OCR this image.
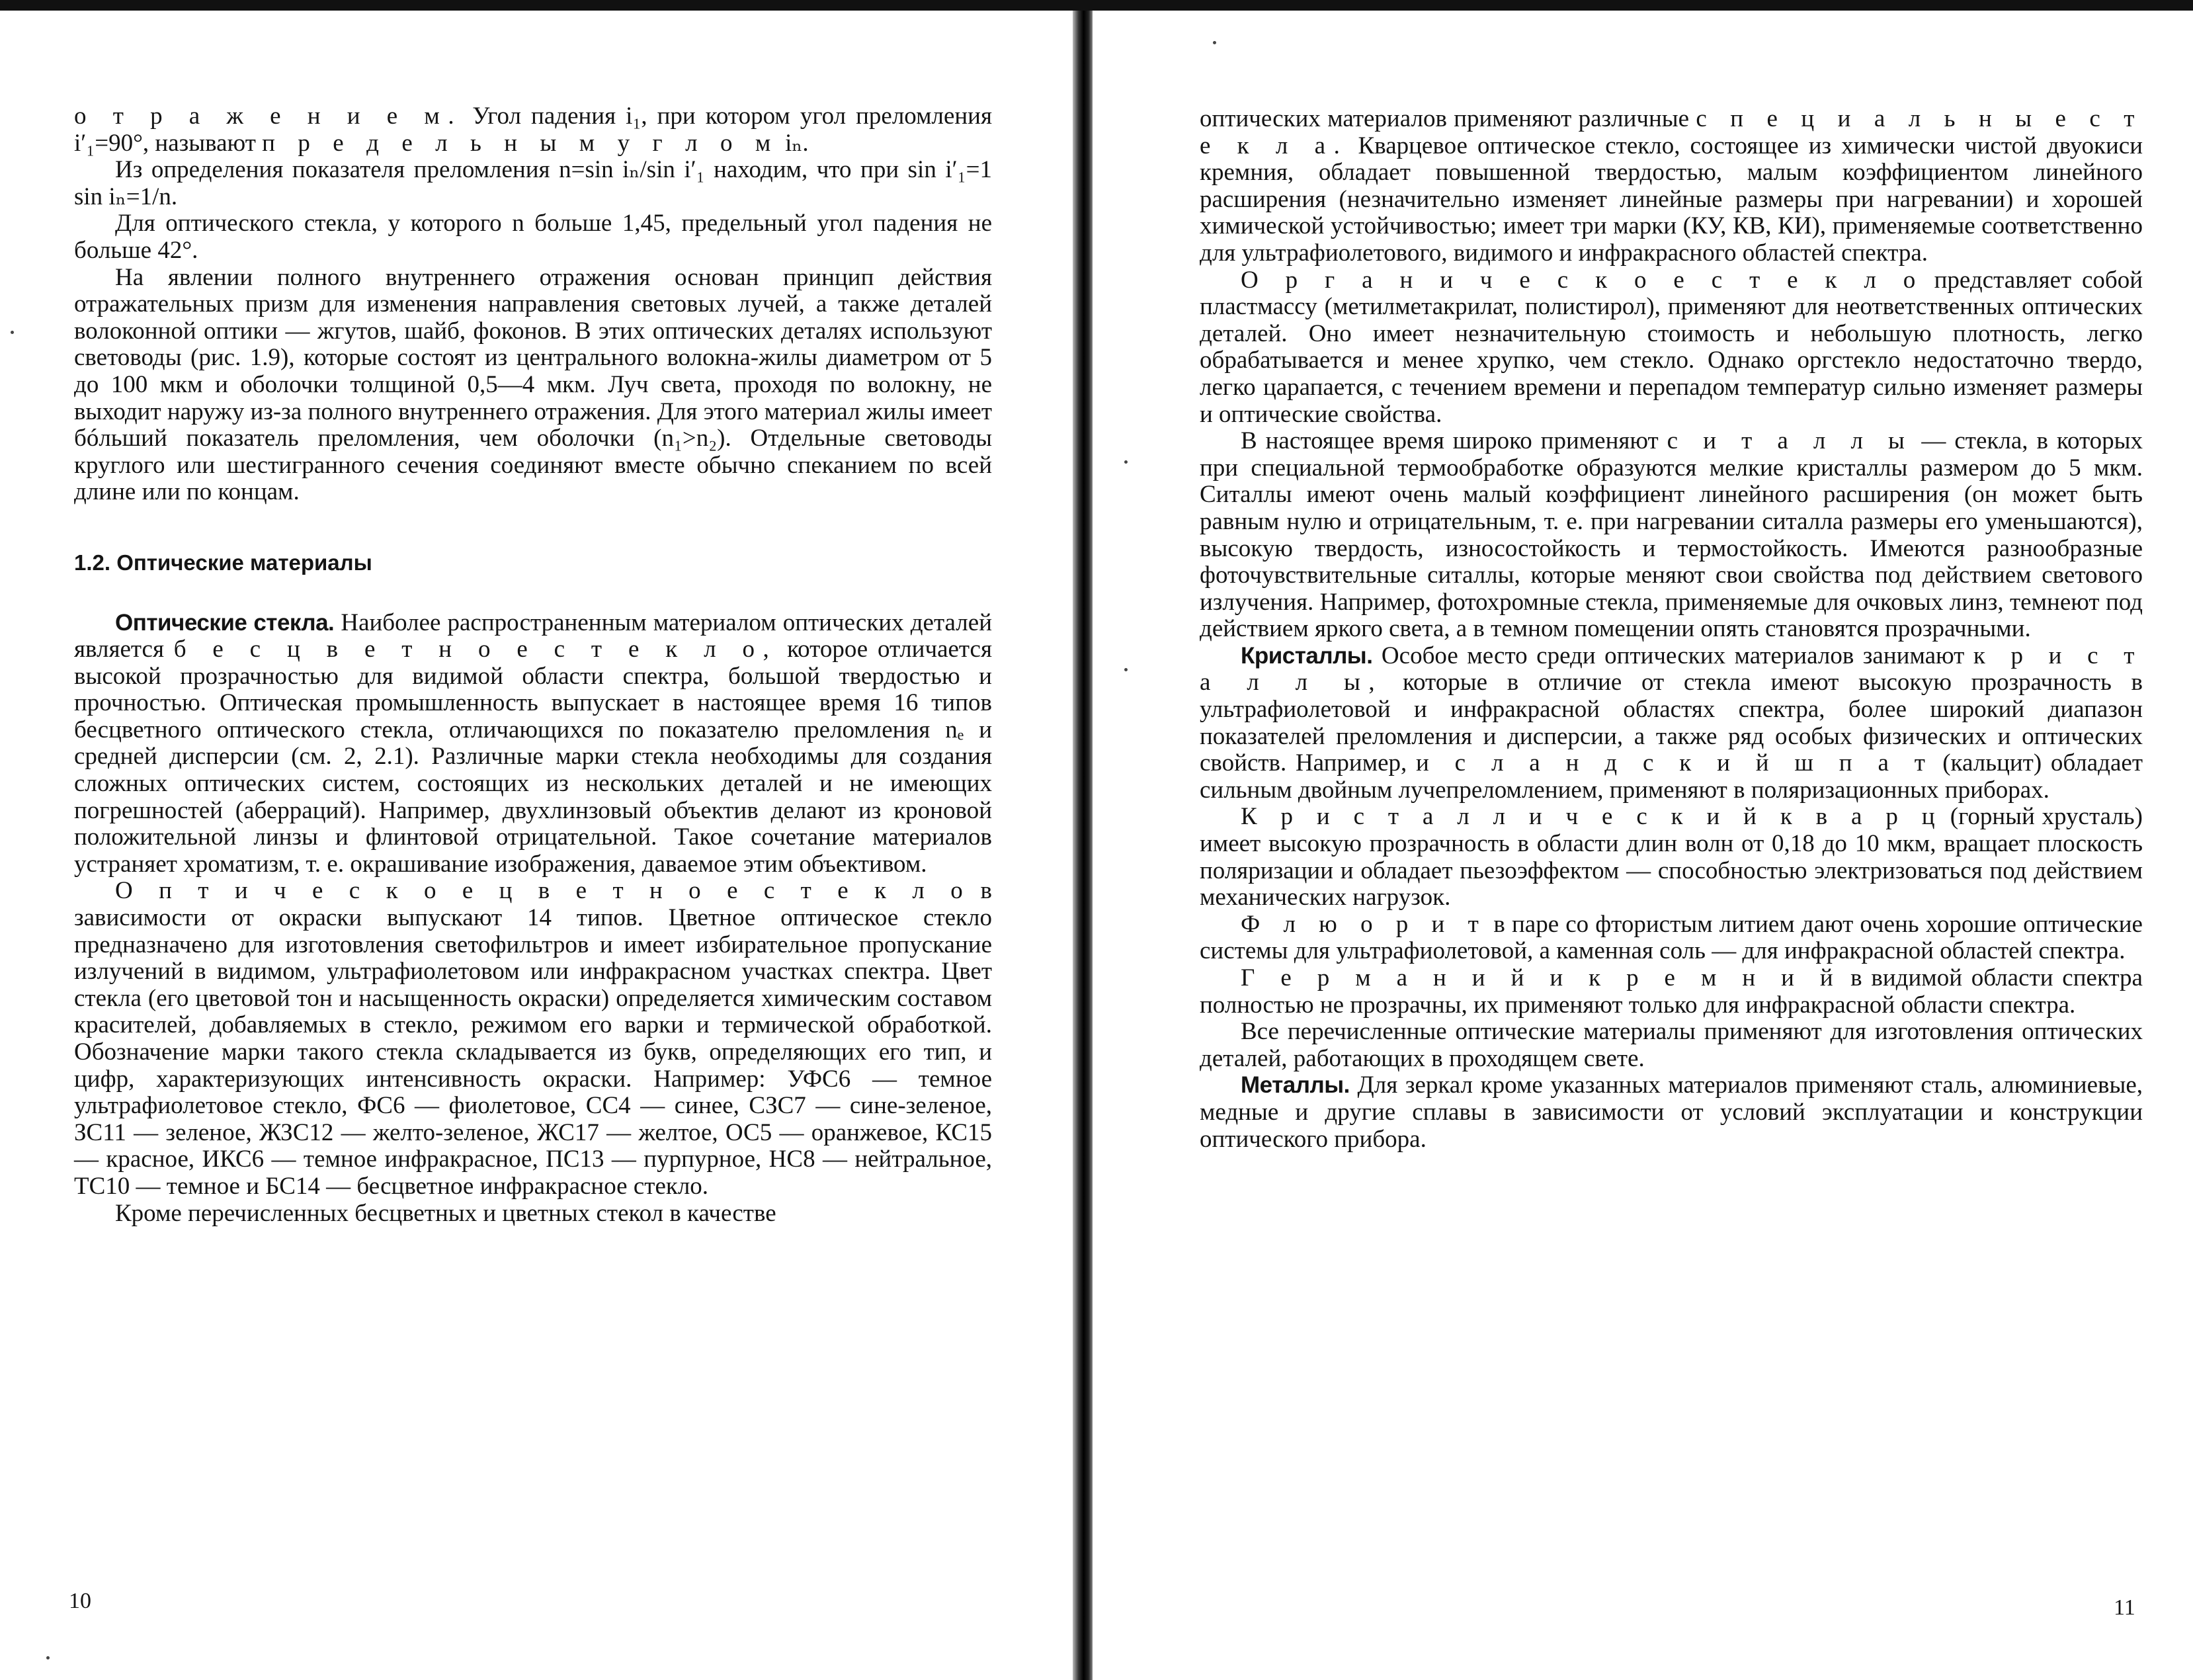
о т р а ж е н и е м. Угол падения i₁, при котором угол преломления i′₁=90°, называют п р е д е л ь н ы м у г л о м iₙ.

Из определения показателя преломления n=sin iₙ/sin i′₁ находим, что при sin i′₁=1 sin iₙ=1/n.

Для оптического стекла, у которого n больше 1,45, предельный угол падения не больше 42°.

На явлении полного внутреннего отражения основан принцип действия отражательных призм для изменения направления световых лучей, а также деталей волоконной оптики — жгутов, шайб, фоконов. В этих оптических деталях используют световоды (рис. 1.9), которые состоят из центрального волокна-жилы диаметром от 5 до 100 мкм и оболочки толщиной 0,5—4 мкм. Луч света, проходя по волокну, не выходит наружу из-за полного внутреннего отражения. Для этого материал жилы имеет бóльший показатель преломления, чем оболочки (n₁>n₂). Отдельные световоды круглого или шестигранного сечения соединяют вместе обычно спеканием по всей длине или по концам.

1.2. Оптические материалы

Оптические стекла. Наиболее распространенным материалом оптических деталей является б е с ц в е т н о е с т е к л о, которое отличается высокой прозрачностью для видимой области спектра, большой твердостью и прочностью. Оптическая промышленность выпускает в настоящее время 16 типов бесцветного оптического стекла, отличающихся по показателю преломления nₑ и средней дисперсии (см. 2, 2.1). Различные марки стекла необходимы для создания сложных оптических систем, состоящих из нескольких деталей и не имеющих погрешностей (аберраций). Например, двухлинзовый объектив делают из кроновой положительной линзы и флинтовой отрицательной. Такое сочетание материалов устраняет хроматизм, т. е. окрашивание изображения, даваемое этим объективом.

О п т и ч е с к о е ц в е т н о е с т е к л о в зависимости от окраски выпускают 14 типов. Цветное оптическое стекло предназначено для изготовления светофильтров и имеет избирательное пропускание излучений в видимом, ультрафиолетовом или инфракрасном участках спектра. Цвет стекла (его цветовой тон и насыщенность окраски) определяется химическим составом красителей, добавляемых в стекло, режимом его варки и термической обработкой. Обозначение марки такого стекла складывается из букв, определяющих его тип, и цифр, характеризующих интенсивность окраски. Например: УФС6 — темное ультрафиолетовое стекло, ФС6 — фиолетовое, СС4 — синее, СЗС7 — сине-зеленое, ЗС11 — зеленое, ЖЗС12 — желто-зеленое, ЖС17 — желтое, ОС5 — оранжевое, КС15 — красное, ИКС6 — темное инфракрасное, ПС13 — пурпурное, НС8 — нейтральное, ТС10 — темное и БС14 — бесцветное инфракрасное стекло.

Кроме перечисленных бесцветных и цветных стекол в качестве

10

оптических материалов применяют различные с п е ц и а л ь н ы е с т е к л а. Кварцевое оптическое стекло, состоящее из химически чистой двуокиси кремния, обладает повышенной твердостью, малым коэффициентом линейного расширения (незначительно изменяет линейные размеры при нагревании) и хорошей химической устойчивостью; имеет три марки (КУ, КВ, КИ), применяемые соответственно для ультрафиолетового, видимого и инфракрасного областей спектра.

О р г а н и ч е с к о е с т е к л о представляет собой пластмассу (метилметакрилат, полистирол), применяют для неответственных оптических деталей. Оно имеет незначительную стоимость и небольшую плотность, легко обрабатывается и менее хрупко, чем стекло. Однако оргстекло недостаточно твердо, легко царапается, с течением времени и перепадом температур сильно изменяет размеры и оптические свойства.

В настоящее время широко применяют с и т а л л ы — стекла, в которых при специальной термообработке образуются мелкие кристаллы размером до 5 мкм. Ситаллы имеют очень малый коэффициент линейного расширения (он может быть равным нулю и отрицательным, т. е. при нагревании ситалла размеры его уменьшаются), высокую твердость, износостойкость и термостойкость. Имеются разнообразные фоточувствительные ситаллы, которые меняют свои свойства под действием светового излучения. Например, фотохромные стекла, применяемые для очковых линз, темнеют под действием яркого света, а в темном помещении опять становятся прозрачными.

Кристаллы. Особое место среди оптических материалов занимают к р и с т а л л ы, которые в отличие от стекла имеют высокую прозрачность в ультрафиолетовой и инфракрасной областях спектра, более широкий диапазон показателей преломления и дисперсии, а также ряд особых физических и оптических свойств. Например, и с л а н д с к и й ш п а т (кальцит) обладает сильным двойным лучепреломлением, применяют в поляризационных приборах.

К р и с т а л л и ч е с к и й к в а р ц (горный хрусталь) имеет высокую прозрачность в области длин волн от 0,18 до 10 мкм, вращает плоскость поляризации и обладает пьезоэффектом — способностью электризоваться под действием механических нагрузок.

Ф л ю о р и т в паре со фтористым литием дают очень хорошие оптические системы для ультрафиолетовой, а каменная соль — для инфракрасной областей спектра.

Г е р м а н и й и к р е м н и й в видимой области спектра полностью не прозрачны, их применяют только для инфракрасной области спектра.

Все перечисленные оптические материалы применяют для изготовления оптических деталей, работающих в проходящем свете.

Металлы. Для зеркал кроме указанных материалов применяют сталь, алюминиевые, медные и другие сплавы в зависимости от условий эксплуатации и конструкции оптического прибора.

11
